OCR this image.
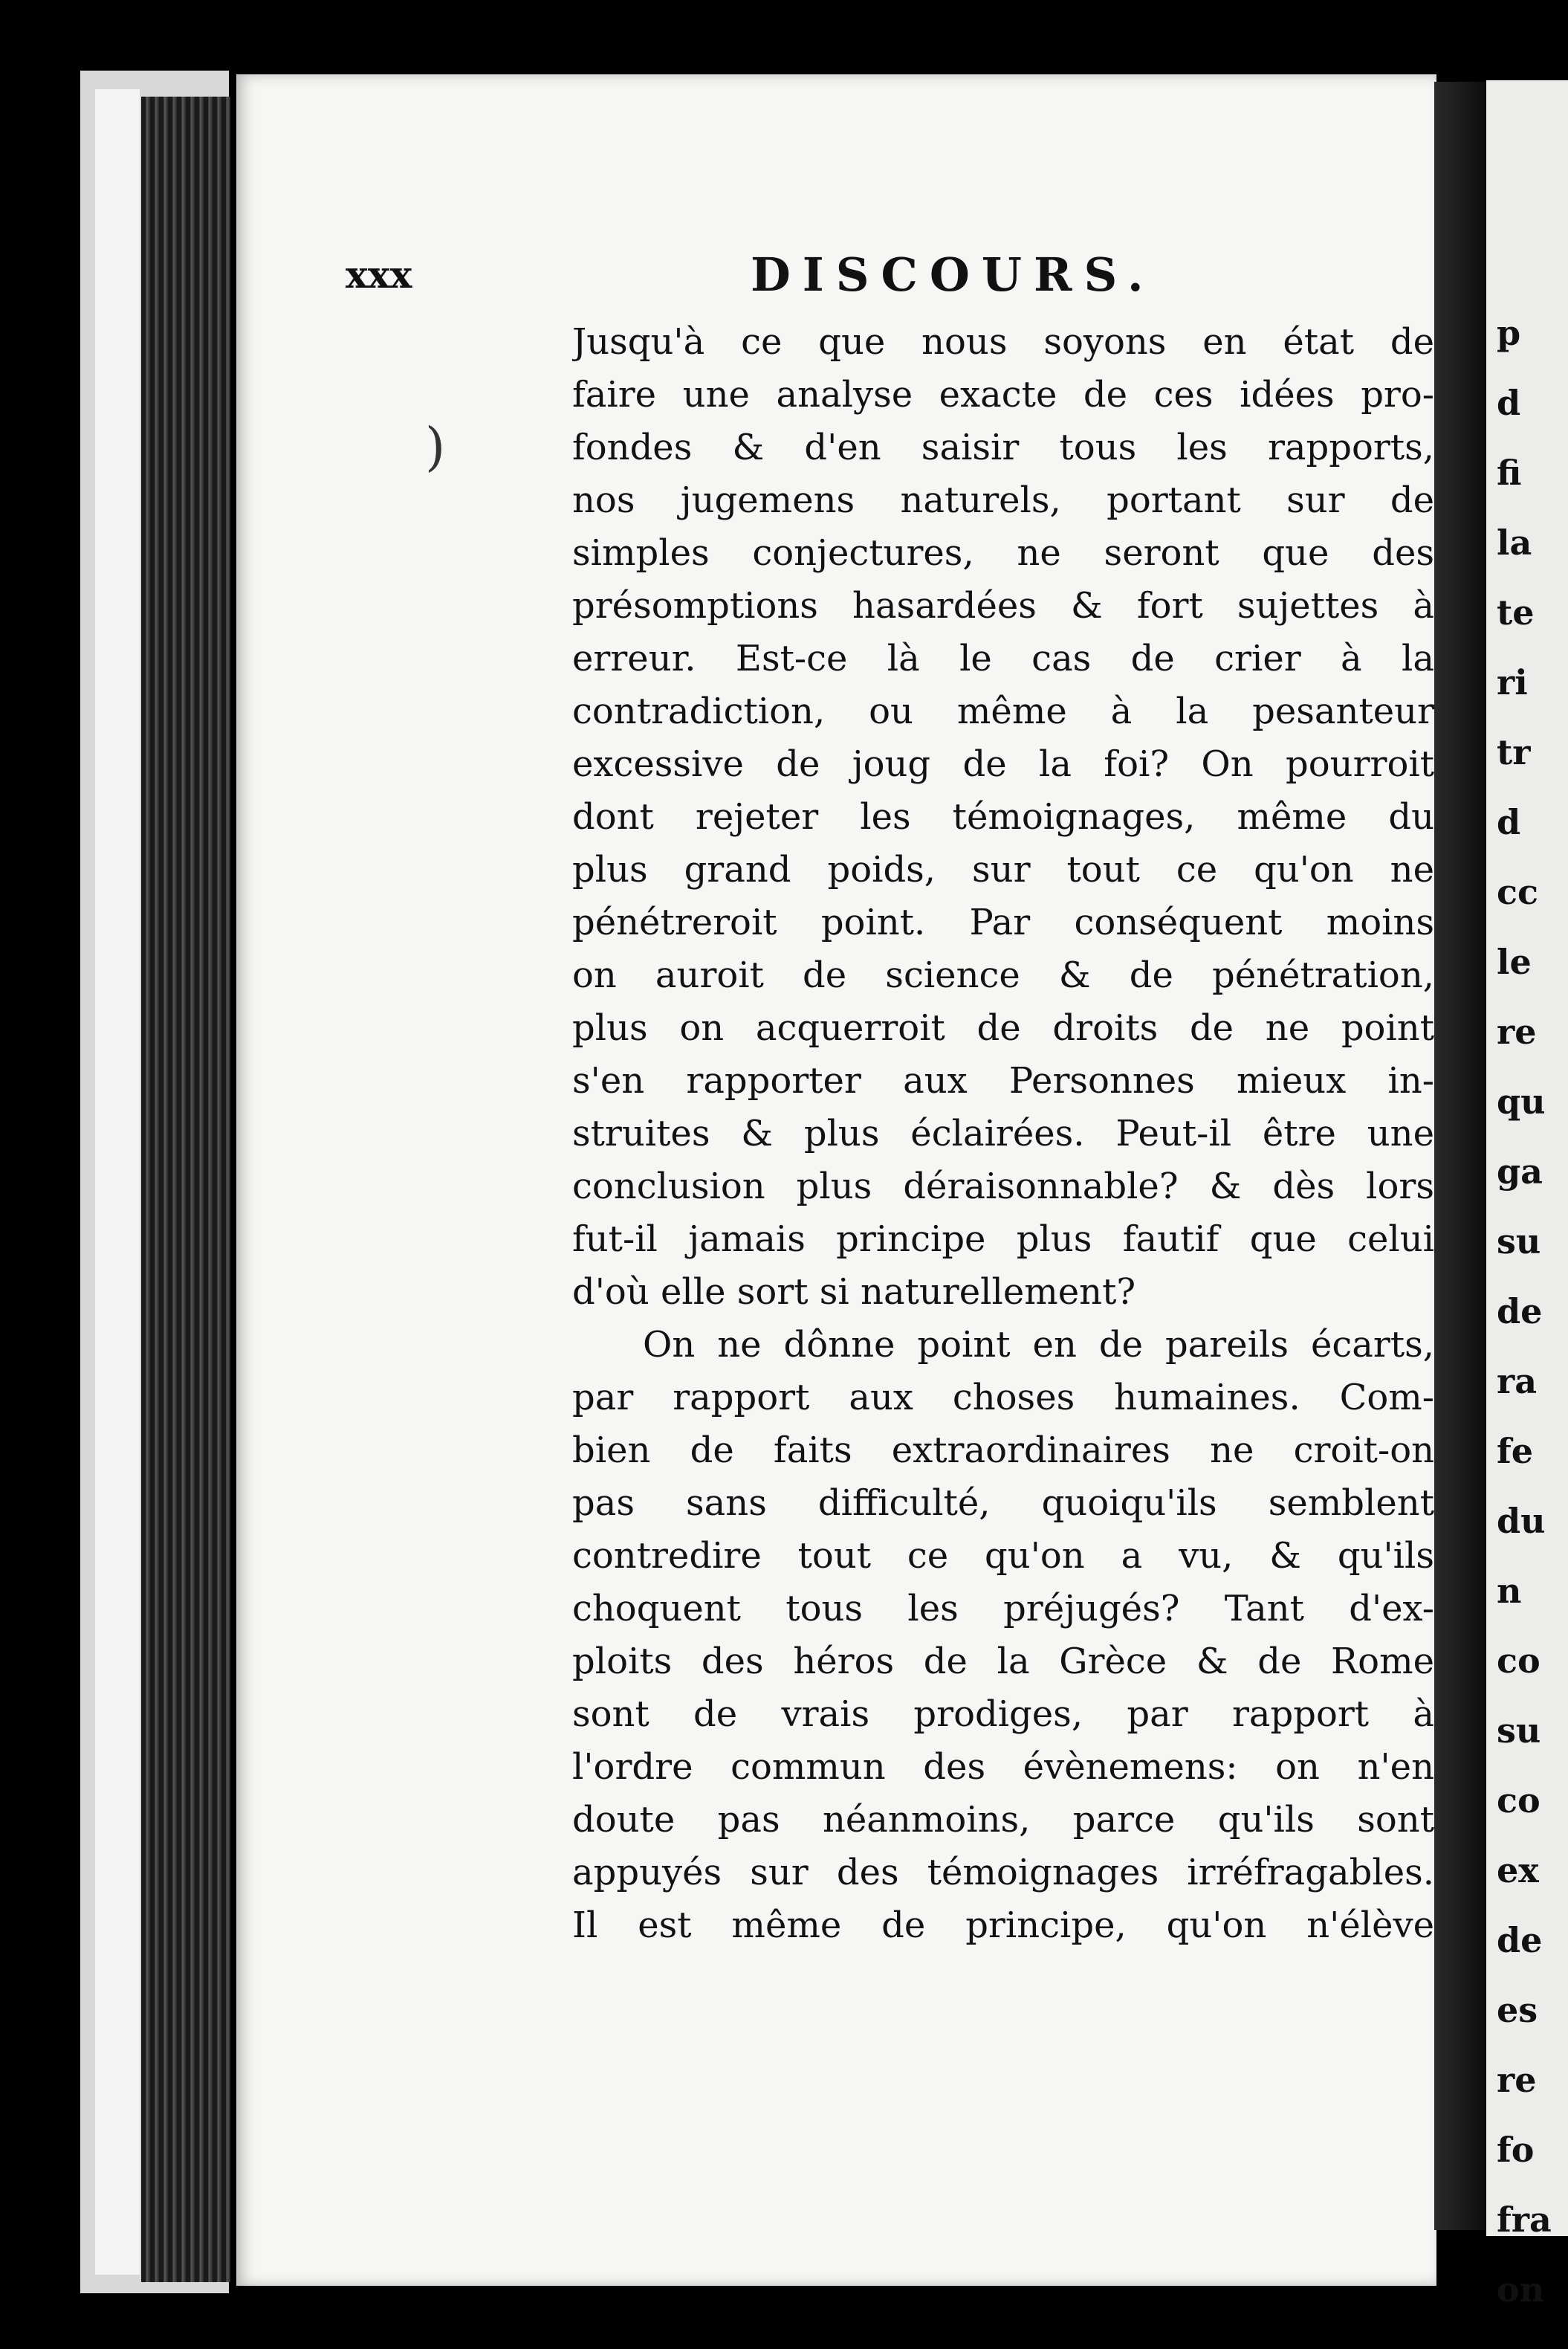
xxx	DISCOURS.
)
Jusqu'à ce que nous soyons en état de
faire une analyse exacte de ces idées pro-
fondes & d'en saisir tous les rapports,
nos jugemens naturels, portant sur de
simples conjectures, ne seront que des
présomptions hasardées & fort sujettes à
erreur. Est-ce là le cas de crier à la
contradiction, ou même à la pesanteur
excessive de joug de la foi? On pourroit
dont rejeter les témoignages, même du
plus grand poids, sur tout ce qu'on ne
pénétreroit point. Par conséquent moins
on auroit de science & de pénétration,
plus on acquerroit de droits de ne point
s'en rapporter aux Personnes mieux in-
struites & plus éclairées. Peut-il être une
conclusion plus déraisonnable? & dès lors
fut-il jamais principe plus fautif que celui
d'où elle sort si naturellement?
On ne dônne point en de pareils écarts,
par rapport aux choses humaines. Com-
bien de faits extraordinaires ne croit-on
pas sans difficulté, quoiqu'ils semblent
contredire tout ce qu'on a vu, & qu'ils
choquent tous les préjugés? Tant d'ex-
ploits des héros de la Grèce & de Rome
sont de vrais prodiges, par rapport à
l'ordre commun des évènemens: on n'en
doute pas néanmoins, parce qu'ils sont
appuyés sur des témoignages irréfragables.
Il est même de principe, qu'on n'élève
p
d
fi
la
te
ri
tr
d
cc
le
re
qu
ga
su
de
ra
fe
du
n
co
su
co
ex
de
es
re
fo
fra
on
